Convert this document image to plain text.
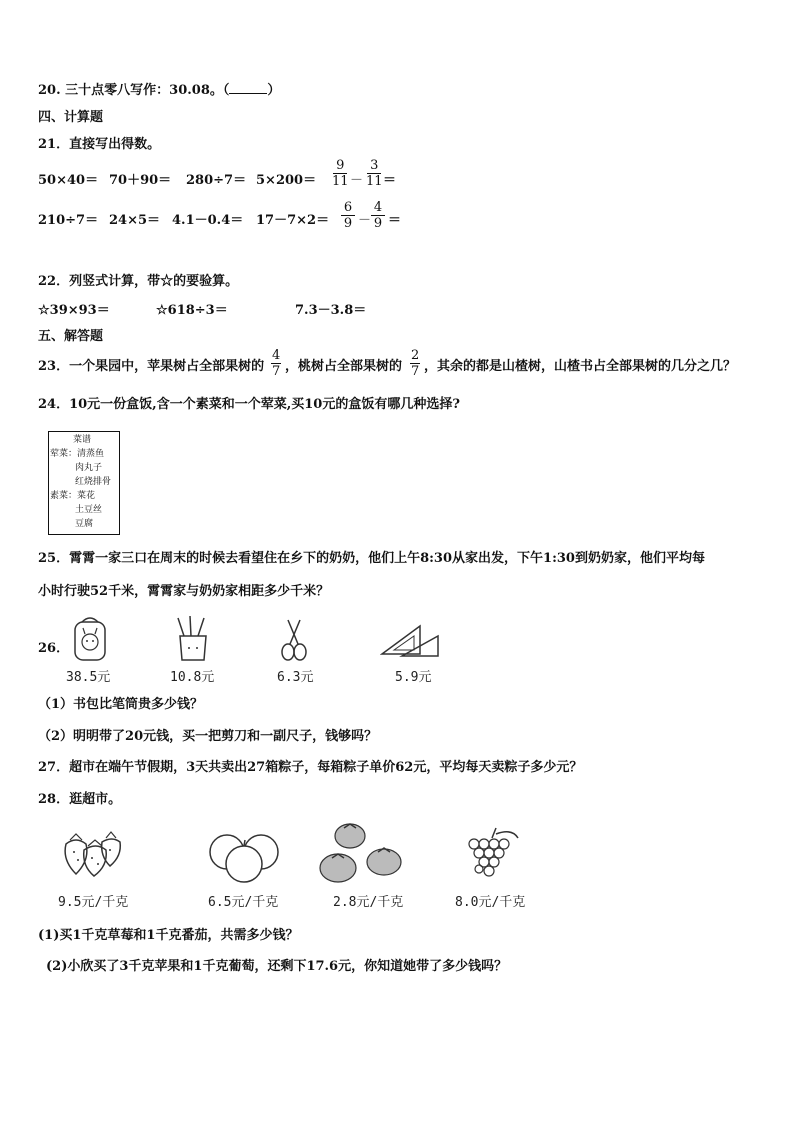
20. 三十点零八写作：30.08。（	）
四、计算题
21．直接写出得数。
50×40＝ 70＋90＝ 280÷7＝ 5×200＝
9
11 －
3
11 ＝
210÷7＝ 24×5＝ 4.1－0.4＝ 17－7×2＝
6
9 －
4
9 ＝
22．列竖式计算，带☆的要验算。
☆39×93＝	☆618÷3＝	7.3－3.8＝
五、解答题
23．一个果园中，苹果树占全部果树的
4
7 ，桃树占全部果树的
2
7 ，其余的都是山楂树，山楂书占全部果树的几分之几？
24．10元一份盒饭,含一个素菜和一个荤菜,买10元的盒饭有哪几种选择?
菜谱
荤菜：清蒸鱼
肉丸子
红烧排骨
素菜：菜花
土豆丝
豆腐
25．霄霄一家三口在周末的时候去看望住在乡下的奶奶，他们上午8:30从家出发，下午1:30到奶奶家，他们平均每
小时行驶52千米，霄霄家与奶奶家相距多少千米？
26．
38.5元	10.8元	6.3元	5.9元
（1）书包比笔筒贵多少钱？
（2）明明带了20元钱，买一把剪刀和一副尺子，钱够吗？
27．超市在端午节假期，3天共卖出27箱粽子，每箱粽子单价62元，平均每天卖粽子多少元？
28．逛超市。
9.5元/千克	6.5元/千克	2.8元/千克	8.0元/千克
(1)买1千克草莓和1千克番茄，共需多少钱？
(2)小欣买了3千克苹果和1千克葡萄，还剩下17.6元，你知道她带了多少钱吗？
